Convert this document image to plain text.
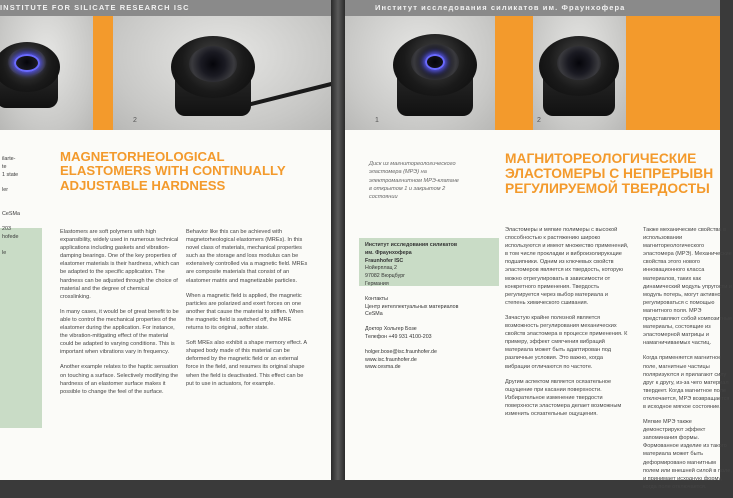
INSTITUTE FOR SILICATE RESEARCH ISC
2
ilarte-
te
1 state

ler

CeSMa

203
hofede

le
MAGNETORHEOLOGICAL
ELASTOMERS WITH CONTINUALLY
ADJUSTABLE HARDNESS

Elastomers are soft polymers with high expansibility, widely used in numerous technical applications including gaskets and vibration-damping bearings. One of the key properties of elastomer materials is their hardness, which can be adapted to the specific application. The hardness can be adjusted through the choice of material and the degree of chemical crosslinking.

In many cases, it would be of great benefit to be able to control the mechanical properties of the elastomer during the application. For instance, the vibration-mitigating effect of the material could be adapted to varying conditions. This is important when vibrations vary in frequency.

Another example relates to the haptic sensation on touching a surface. Selectively modifying the hardness of an elastomer surface makes it possible to change the feel of the surface.

Behavior like this can be achieved with magnetorheological elastomers (MREs). In this novel class of materials, mechanical properties such as the storage and loss modulus can be extensively controlled via a magnetic field. MREs are composite materials that consist of an elastomer matrix and magnetizable particles.

When a magnetic field is applied, the magnetic particles are polarized and exert forces on one another that cause the material to stiffen. When the magnetic field is switched off, the MRE returns to its original, softer state.

Soft MREs also exhibit a shape memory effect. A shaped body made of this material can be deformed by the magnetic field or an external force in the field, and resumes its original shape when the field is deactivated. This effect can be put to use in actuators, for example.

Институт исследования силикатов им. Фраунхофера
1	2
Диск из магнитореологического эластомера (МРЭ) на электромагнитном МРЭ-клапане в открытом 1 и закрытом 2 состоянии
МАГНИТОРЕОЛОГИЧЕСКИЕ
ЭЛАСТОМЕРЫ С НЕПРЕРЫВН
РЕГУЛИРУЕМОЙ ТВЕРДОСТЫ
Институт исследования силикатов
им. Фраунхофера
Fraunhofer ISC
Нойерплац 2
97082 Вюрцбург
Германия
Контакты
Центр интеллектуальных материалов
CeSMa
Доктор Хольгер Бозе
Телефон +49 931 4100-203
holger.bose@isc.fraunhofer.de
www.isc.fraunhofer.de
www.cesma.de

Эластомеры и мягкие полимеры с высокой способностью к растяжению широко используются и имеют множество применений, в том числе прокладки и виброизолирующие подшипники. Одним из ключевых свойств эластомеров является их твердость, которую можно отрегулировать в зависимости от конкретного применения. Твердость регулируется через выбор материала и степень химического сшивания.

Зачастую крайне полезной является возможность регулирования механических свойств эластомера в процессе применения. К примеру, эффект смягчения вибраций материала может быть адаптирован под различные условия. Это важно, когда вибрации отличаются по частоте.

Другим аспектом является осязательное ощущение при касании поверхности. Избирательное изменение твердости поверхности эластомера делает возможным изменить осязательные ощущения.

Также механические свойства в использовании магнитореологического эластомера (МРЭ). Механические свойства этого нового инновационного класса материалов, таких как динамический модуль упругости и модуль потерь, могут активно регулироваться с помощью магнитного поля. МРЭ представляют собой композитные материалы, состоящие из эластомерной матрицы и намагничиваемых частиц.

Когда применяется магнитное поле, магнитные частицы поляризуются и прилагают силу друг к другу, из-за чего материал твердеет. Когда магнитное поле отключается, МРЭ возвращается в исходное мягкое состояние.

Мягкие МРЭ также демонстрируют эффект запоминания формы. Формованное изделие из такого материала может быть деформировано магнитным полем или внешней силой в поле, и принимает исходную форму, когда поле отключается.
